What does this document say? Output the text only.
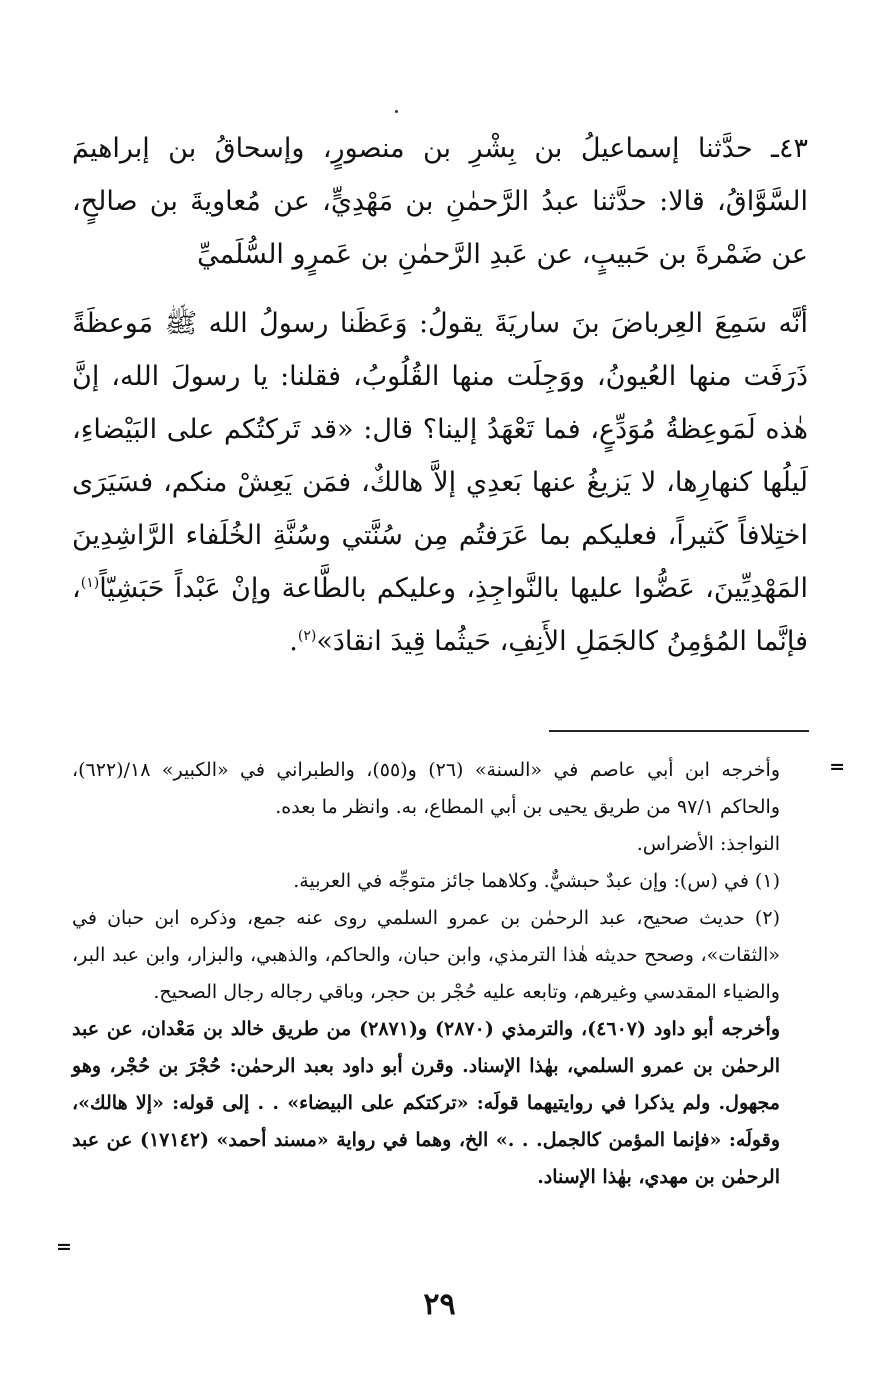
٤٣ـ حدَّثنا إسماعيلُ بن بِشْرِ بن منصورٍ، وإسحاقُ بن إبراهيمَ السَّوَّاقُ، قالا: حدَّثنا عبدُ الرَّحمٰنِ بن مَهْدِيٍّ، عن مُعاويةَ بن صالحٍ، عن ضَمْرةَ بن حَبيبٍ، عن عَبدِ الرَّحمٰنِ بن عَمرٍو السُّلَميِّ

أنَّه سَمِعَ العِرباضَ بنَ ساريَةَ يقولُ: وَعَظَنا رسولُ الله ﷺ مَوعظَةً ذَرَفَت منها العُيونُ، ووَجِلَت منها القُلُوبُ، فقلنا: يا رسولَ الله، إنَّ هٰذه لَمَوعِظةُ مُوَدِّعٍ، فما تَعْهَدُ إلينا؟ قال: «قد تَركتُكم على البَيْضاءِ، لَيلُها كنهارِها، لا يَزيغُ عنها بَعدِي إلاَّ هالكٌ، فمَن يَعِشْ منكم، فسَيَرَى اختِلافاً كَثيراً، فعليكم بما عَرَفتُم مِن سُنَّتي وسُنَّةِ الخُلَفاء الرَّاشِدِينَ المَهْدِيِّينَ، عَضُّوا عليها بالنَّواجِذِ، وعليكم بالطَّاعة وإنْ عَبْداً حَبَشِيّاً$^{(١)}$، فإنَّما المُؤمِنُ كالجَمَلِ الأَنِفِ، حَيثُما قِيدَ انقادَ»$^{(٢)}$.

=

وأخرجه ابن أبي عاصم في «السنة» (٢٦) و(٥٥)، والطبراني في «الكبير» ١٨/(٦٢٢)، والحاكم ٩٧/١ من طريق يحيى بن أبي المطاع، به. وانظر ما بعده.

النواجذ: الأضراس.

(١) في (س): وإن عبدٌ حبشيٌّ. وكلاهما جائز متوجِّه في العربية.

(٢) حديث صحيح، عبد الرحمٰن بن عمرو السلمي روى عنه جمع، وذكره ابن حبان في «الثقات»، وصحح حديثه هٰذا الترمذي، وابن حبان، والحاكم، والذهبي، والبزار، وابن عبد البر، والضياء المقدسي وغيرهم، وتابعه عليه حُجْر بن حجر، وباقي رجاله رجال الصحيح.

وأخرجه أبو داود (٤٦٠٧)، والترمذي (٢٨٧٠) و(٢٨٧١) من طريق خالد بن مَعْدان، عن عبد الرحمٰن بن عمرو السلمي، بهٰذا الإسناد. وقرن أبو داود بعبد الرحمٰن: حُجْرَ بن حُجْر، وهو مجهول. ولم يذكرا في روايتيهما قولَه: «تركتكم على البيضاء» . . إلى قوله: «إلا هالك»، وقولَه: «فإنما المؤمن كالجمل. . .» الخ، وهما في رواية «مسند أحمد» (١٧١٤٢) عن عبد الرحمٰن بن مهدي، بهٰذا الإسناد.

=
٢٩
